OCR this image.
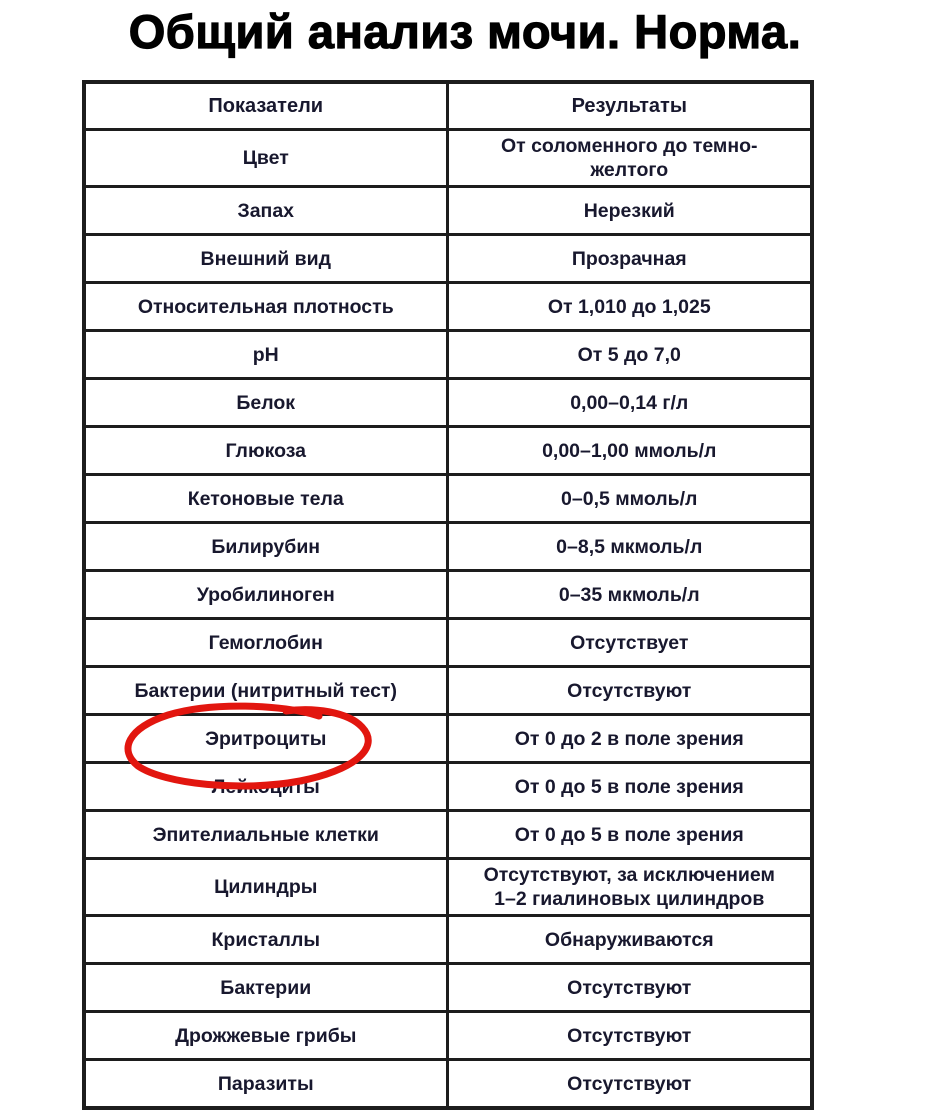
Общий анализ мочи. Норма.
Показатели	Результаты
Цвет	От соломенного до темно-желтого
Запах	Нерезкий
Внешний вид	Прозрачная
Относительная плотность	От 1,010 до 1,025
pH	От 5 до 7,0
Белок	0,00–0,14 г/л
Глюкоза	0,00–1,00 ммоль/л
Кетоновые тела	0–0,5 ммоль/л
Билирубин	0–8,5 мкмоль/л
Уробилиноген	0–35 мкмоль/л
Гемоглобин	Отсутствует
Бактерии (нитритный тест)	Отсутствуют
Эритроциты	От 0 до 2 в поле зрения
Лейкоциты	От 0 до 5 в поле зрения
Эпителиальные клетки	От 0 до 5 в поле зрения
Цилиндры	Отсутствуют, за исключением 1–2 гиалиновых цилиндров
Кристаллы	Обнаруживаются
Бактерии	Отсутствуют
Дрожжевые грибы	Отсутствуют
Паразиты	Отсутствуют
